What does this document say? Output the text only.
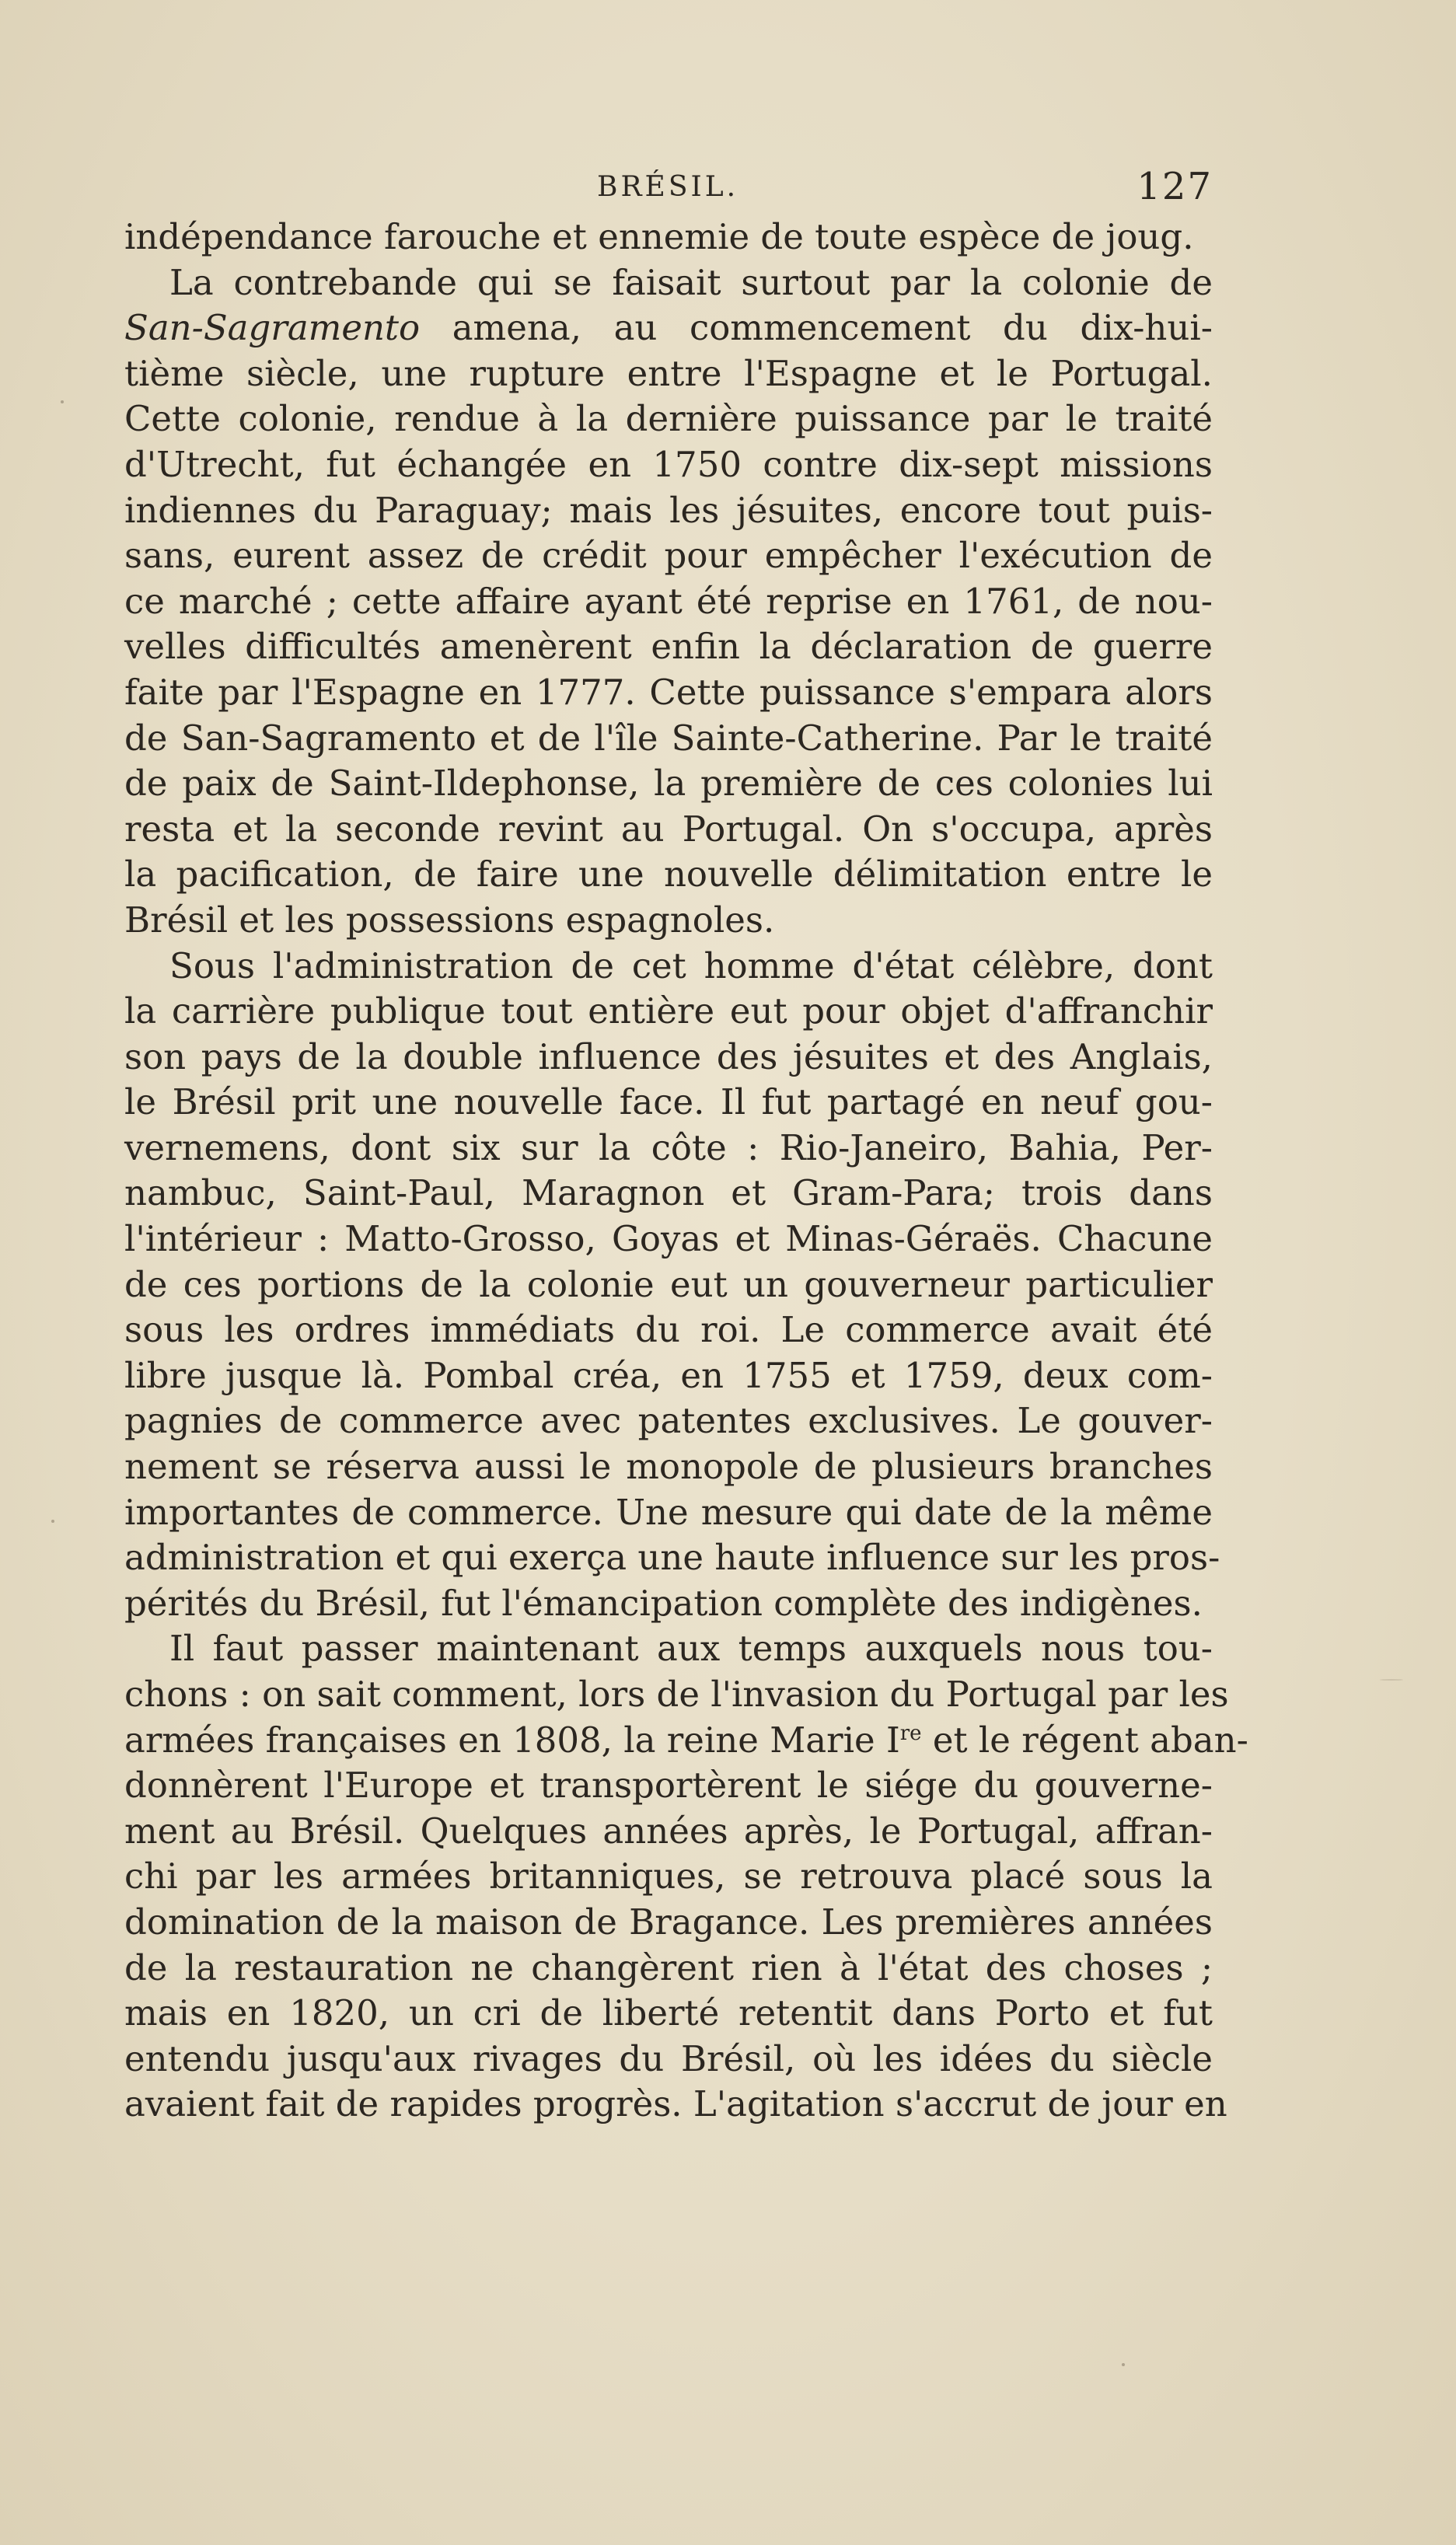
BRÉSIL.	127

indépendance farouche et ennemie de toute espèce de joug.

La contrebande qui se faisait surtout par la colonie de
San-Sagramento amena, au commencement du dix-hui-
tième siècle, une rupture entre l'Espagne et le Portugal.
Cette colonie, rendue à la dernière puissance par le traité
d'Utrecht, fut échangée en 1750 contre dix-sept missions
indiennes du Paraguay; mais les jésuites, encore tout puis-
sans, eurent assez de crédit pour empêcher l'exécution de
ce marché ; cette affaire ayant été reprise en 1761, de nou-
velles difficultés amenèrent enfin la déclaration de guerre
faite par l'Espagne en 1777. Cette puissance s'empara alors
de San-Sagramento et de l'île Sainte-Catherine. Par le traité
de paix de Saint-Ildephonse, la première de ces colonies lui
resta et la seconde revint au Portugal. On s'occupa, après
la pacification, de faire une nouvelle délimitation entre le
Brésil et les possessions espagnoles.

Sous l'administration de cet homme d'état célèbre, dont
la carrière publique tout entière eut pour objet d'affranchir
son pays de la double influence des jésuites et des Anglais,
le Brésil prit une nouvelle face. Il fut partagé en neuf gou-
vernemens, dont six sur la côte : Rio-Janeiro, Bahia, Per-
nambuc, Saint-Paul, Maragnon et Gram-Para; trois dans
l'intérieur : Matto-Grosso, Goyas et Minas-Géraës. Chacune
de ces portions de la colonie eut un gouverneur particulier
sous les ordres immédiats du roi. Le commerce avait été
libre jusque là. Pombal créa, en 1755 et 1759, deux com-
pagnies de commerce avec patentes exclusives. Le gouver-
nement se réserva aussi le monopole de plusieurs branches
importantes de commerce. Une mesure qui date de la même
administration et qui exerça une haute influence sur les pros-
pérités du Brésil, fut l'émancipation complète des indigènes.

Il faut passer maintenant aux temps auxquels nous tou-
chons : on sait comment, lors de l'invasion du Portugal par les
armées françaises en 1808, la reine Marie Ire et le régent aban-
donnèrent l'Europe et transportèrent le siége du gouverne-
ment au Brésil. Quelques années après, le Portugal, affran-
chi par les armées britanniques, se retrouva placé sous la
domination de la maison de Bragance. Les premières années
de la restauration ne changèrent rien à l'état des choses ;
mais en 1820, un cri de liberté retentit dans Porto et fut
entendu jusqu'aux rivages du Brésil, où les idées du siècle
avaient fait de rapides progrès. L'agitation s'accrut de jour en
